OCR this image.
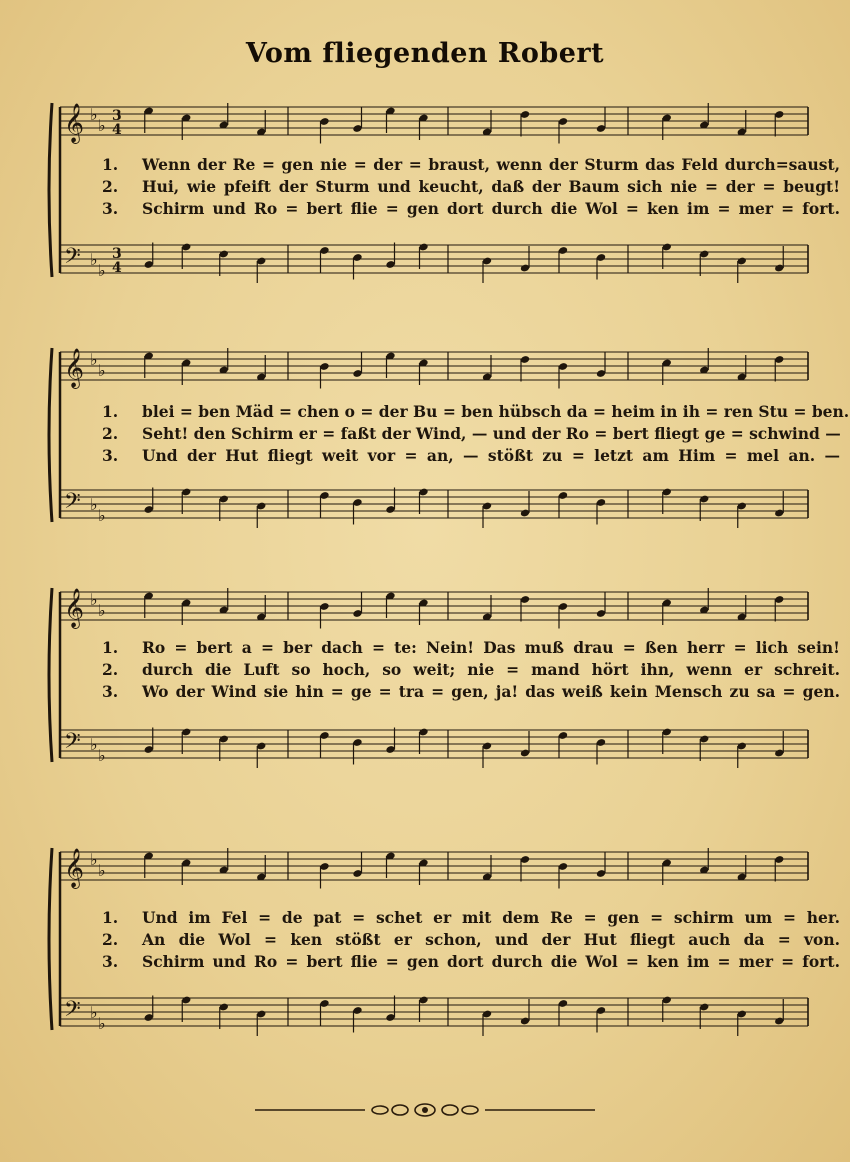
Vom fliegenden Robert
𝄞 ♭
♭
𝄢 ♭
♭
3
4
3
4
1.	Wenn der Re = gen nie = der = braust, wenn der Sturm das Feld durch=saust,
2.	Hui, wie pfeift der Sturm und keucht, daß der Baum sich nie = der = beugt!
3.	Schirm und Ro = bert flie = gen dort durch die Wol = ken im = mer = fort.
𝄞 ♭
♭
𝄢 ♭
♭
1.	blei = ben Mäd = chen o = der Bu = ben hübsch da = heim in ih = ren Stu = ben.
2.	Seht! den Schirm er = faßt der Wind, — und der Ro = bert fliegt ge = schwind —
3.	Und der Hut fliegt weit vor = an, — stößt zu = letzt am Him = mel an. —
𝄞 ♭
♭
𝄢 ♭
♭
1.	Ro = bert a = ber dach = te: Nein! Das muß drau = ßen herr = lich sein!
2.	durch die Luft so hoch, so weit; nie = mand hört ihn, wenn er schreit.
3.	Wo der Wind sie hin = ge = tra = gen, ja! das weiß kein Mensch zu sa = gen.
𝄞 ♭
♭
𝄢 ♭
♭
1.	Und im Fel = de pat = schet er mit dem Re = gen = schirm um = her.
2.	An die Wol = ken stößt er schon, und der Hut fliegt auch da = von.
3.	Schirm und Ro = bert flie = gen dort durch die Wol = ken im = mer = fort.
